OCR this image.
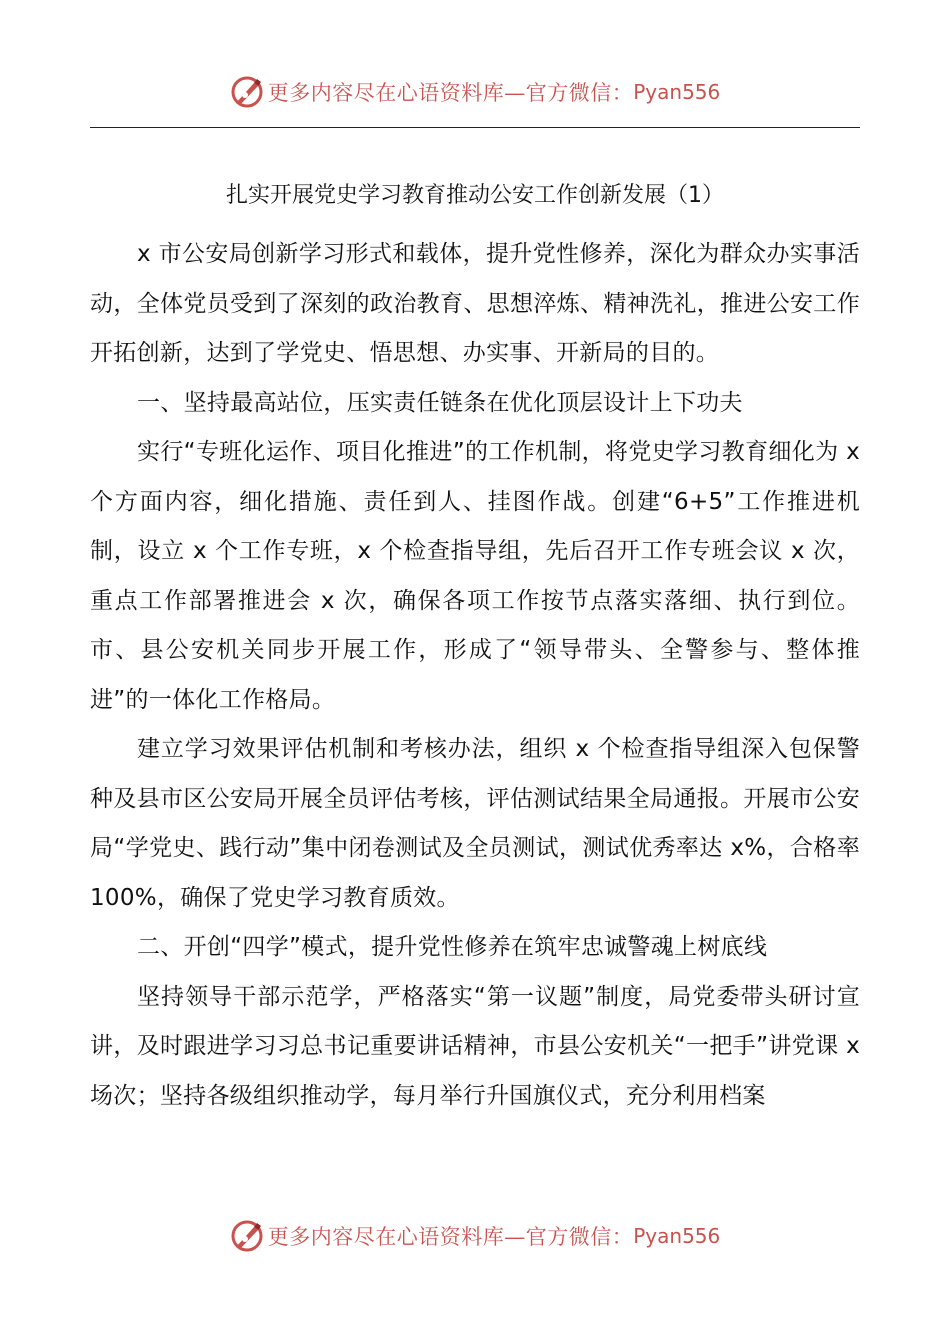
更多内容尽在心语资料库—官方微信： Pyan556
扎实开展党史学习教育推动公安工作创新发展（1）

x 市公安局创新学习形式和载体，提升党性修养，深化为群众办实事活动，全体党员受到了深刻的政治教育、思想淬炼、精神洗礼，推进公安工作开拓创新，达到了学党史、悟思想、办实事、开新局的目的。

一、坚持最高站位，压实责任链条在优化顶层设计上下功夫

实行“专班化运作、项目化推进”的工作机制，将党史学习教育细化为 x 个方面内容，细化措施、责任到人、挂图作战。创建“6+5”工作推进机制，设立 x 个工作专班，x 个检查指导组，先后召开工作专班会议 x 次，重点工作部署推进会 x 次，确保各项工作按节点落实落细、执行到位。市、县公安机关同步开展工作，形成了“领导带头、全警参与、整体推进”的一体化工作格局。

建立学习效果评估机制和考核办法，组织 x 个检查指导组深入包保警种及县市区公安局开展全员评估考核，评估测试结果全局通报。开展市公安局“学党史、践行动”集中闭卷测试及全员测试，测试优秀率达 x%，合格率 100%，确保了党史学习教育质效。

二、开创“四学”模式，提升党性修养在筑牢忠诚警魂上树底线

坚持领导干部示范学，严格落实“第一议题”制度，局党委带头研讨宣讲，及时跟进学习习总书记重要讲话精神，市县公安机关“一把手”讲党课 x 场次；坚持各级组织推动学，每月举行升国旗仪式，充分利用档案

更多内容尽在心语资料库—官方微信： Pyan556
